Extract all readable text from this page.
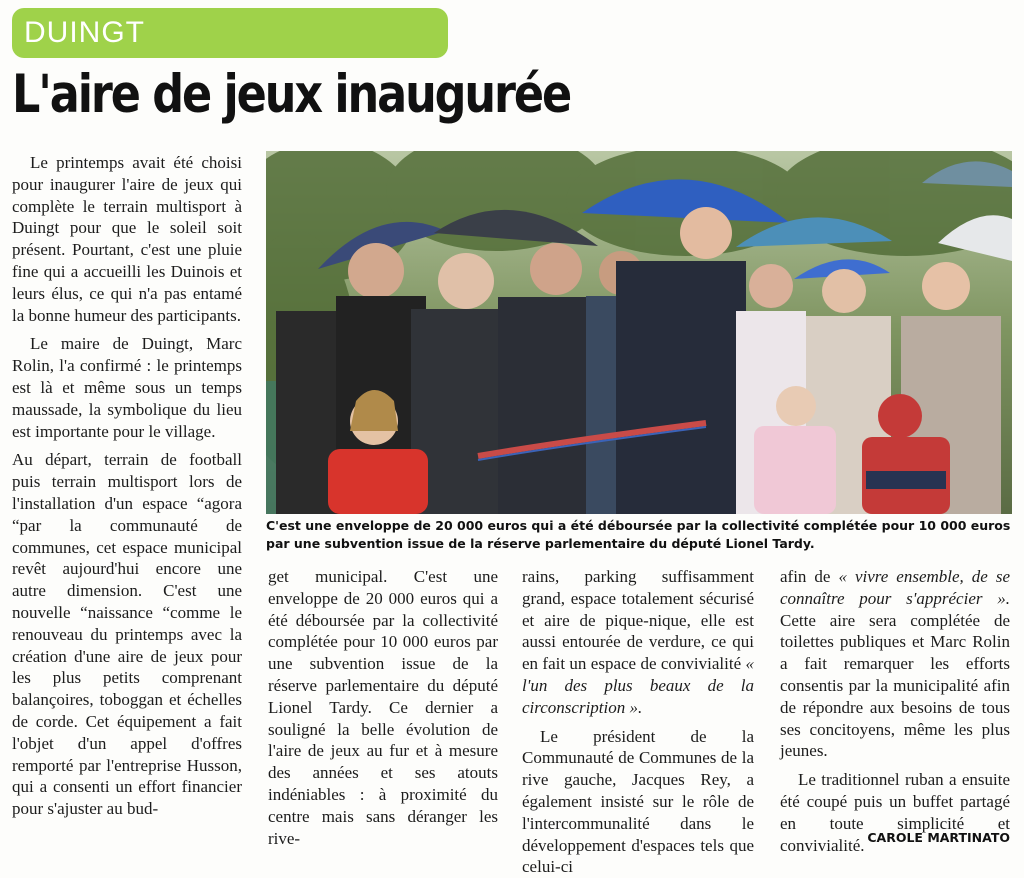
DUINGT
L'aire de jeux inaugurée

Le printemps avait été choisi pour inaugurer l'aire de jeux qui complète le terrain multisport à Duingt pour que le soleil soit présent. Pourtant, c'est une pluie fine qui a accueilli les Duinois et leurs élus, ce qui n'a pas entamé la bonne humeur des participants.

Le maire de Duingt, Marc Rolin, l'a confirmé : le printemps est là et même sous un temps maussade, la symbolique du lieu est importante pour le village.

Au départ, terrain de football puis terrain multisport lors de l'installation d'un espace “agora “par la communauté de communes, cet espace municipal revêt aujourd'hui encore une autre dimension. C'est une nouvelle “naissance “comme le renouveau du printemps avec la création d'une aire de jeux pour les plus petits comprenant balançoires, toboggan et échelles de corde. Cet équipement a fait l'objet d'un appel d'offres remporté par l'entreprise Husson, qui a consenti un effort financier pour s'ajuster au bud-

C'est une enveloppe de 20 000 euros qui a été déboursée par la collectivité complétée pour 10 000 euros par une subvention issue de la réserve parlementaire du député Lionel Tardy.

get municipal. C'est une enveloppe de 20 000 euros qui a été déboursée par la collectivité complétée pour 10 000 euros par une subvention issue de la réserve parlementaire du député Lionel Tardy. Ce dernier a souligné la belle évolution de l'aire de jeux au fur et à mesure des années et ses atouts indéniables : à proximité du centre mais sans déranger les rive-

rains, parking suffisamment grand, espace totalement sécurisé et aire de pique-nique, elle est aussi entourée de verdure, ce qui en fait un espace de convivialité « l'un des plus beaux de la circonscription ».

Le président de la Communauté de Communes de la rive gauche, Jacques Rey, a également insisté sur le rôle de l'intercommunalité dans le développement d'espaces tels que celui-ci

afin de « vivre ensemble, de se connaître pour s'apprécier ». Cette aire sera complétée de toilettes publiques et Marc Rolin a fait remarquer les efforts consentis par la municipalité afin de répondre aux besoins de tous ses concitoyens, même les plus jeunes.

Le traditionnel ruban a ensuite été coupé puis un buffet partagé en toute simplicité et convivialité. CAROLE MARTINATO
